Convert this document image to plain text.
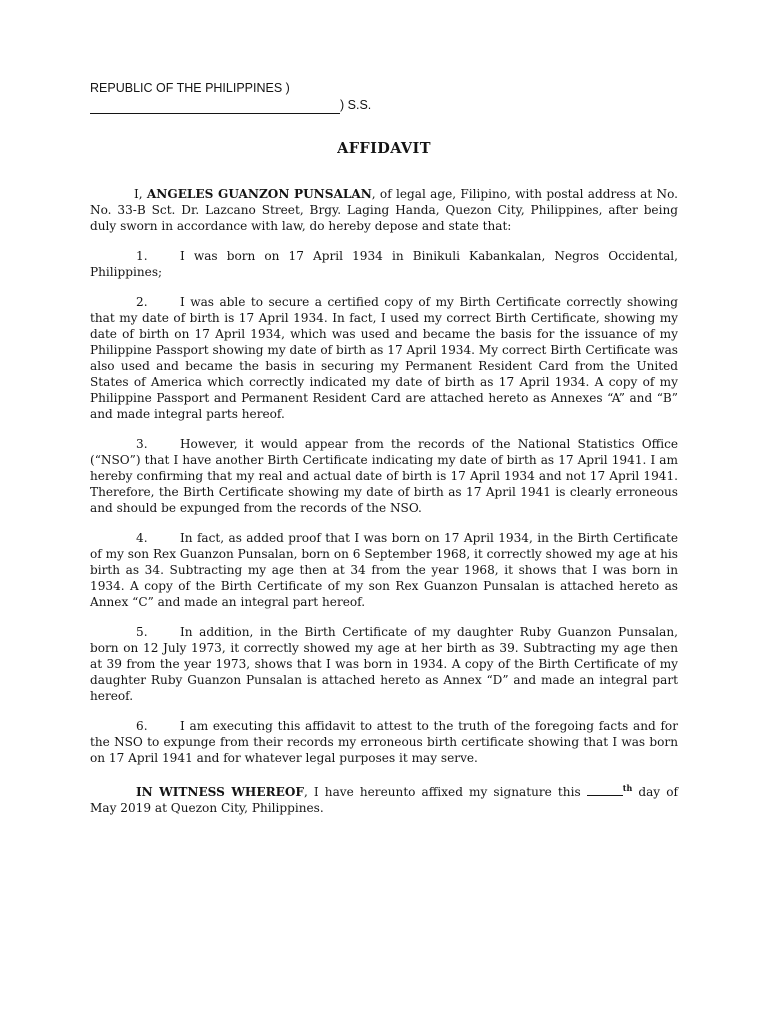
REPUBLIC OF THE PHILIPPINES )
) S.S.
AFFIDAVIT

I, ANGELES GUANZON PUNSALAN, of legal age, Filipino, with postal address at No. No. 33-B Sct. Dr. Lazcano Street, Brgy. Laging Handa, Quezon City, Philippines, after being duly sworn in accordance with law, do hereby depose and state that:

1.	I was born on 17 April 1934 in Binikuli Kabankalan, Negros Occidental, Philippines;

2.	I was able to secure a certified copy of my Birth Certificate correctly showing that my date of birth is 17 April 1934. In fact, I used my correct Birth Certificate, showing my date of birth on 17 April 1934, which was used and became the basis for the issuance of my Philippine Passport showing my date of birth as 17 April 1934. My correct Birth Certificate was also used and became the basis in securing my Permanent Resident Card from the United States of America which correctly indicated my date of birth as 17 April 1934. A copy of my Philippine Passport and Permanent Resident Card are attached hereto as Annexes “A” and “B” and made integral parts hereof.

3.	However, it would appear from the records of the National Statistics Office (“NSO”) that I have another Birth Certificate indicating my date of birth as 17 April 1941. I am hereby confirming that my real and actual date of birth is 17 April 1934 and not 17 April 1941. Therefore, the Birth Certificate showing my date of birth as 17 April 1941 is clearly erroneous and should be expunged from the records of the NSO.

4.	In fact, as added proof that I was born on 17 April 1934, in the Birth Certificate of my son Rex Guanzon Punsalan, born on 6 September 1968, it correctly showed my age at his birth as 34. Subtracting my age then at 34 from the year 1968, it shows that I was born in 1934. A copy of the Birth Certificate of my son Rex Guanzon Punsalan is attached hereto as Annex “C” and made an integral part hereof.

5.	In addition, in the Birth Certificate of my daughter Ruby Guanzon Punsalan, born on 12 July 1973, it correctly showed my age at her birth as 39. Subtracting my age then at 39 from the year 1973, shows that I was born in 1934. A copy of the Birth Certificate of my daughter Ruby Guanzon Punsalan is attached hereto as Annex “D” and made an integral part hereof.

6.	I am executing this affidavit to attest to the truth of the foregoing facts and for the NSO to expunge from their records my erroneous birth certificate showing that I was born on 17 April 1941 and for whatever legal purposes it may serve.

IN WITNESS WHEREOF, I have hereunto affixed my signature this	$^{th}$ day of May 2019 at Quezon City, Philippines.
